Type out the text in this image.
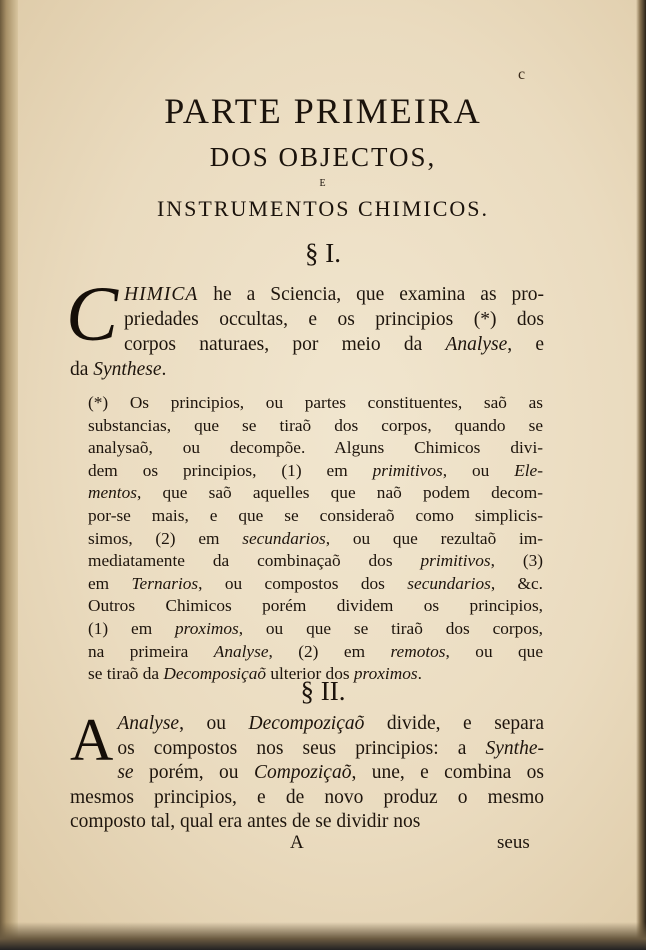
c
PARTE PRIMEIRA
DOS OBJECTOS,
E
INSTRUMENTOS CHIMICOS.
§ I.
C HIMICA he a Sciencia, que examina as pro-
priedades occultas, e os principios (*) dos
corpos naturaes, por meio da Analyse, e
da Synthese.
(*) Os principios, ou partes constituentes, saõ as
substancias, que se tiraõ dos corpos, quando se
analysaõ, ou decompõe. Alguns Chimicos divi-
dem os principios, (1) em primitivos, ou Ele-
mentos, que saõ aquelles que naõ podem decom-
por-se mais, e que se consideraõ como simplicis-
simos, (2) em secundarios, ou que rezultaõ im-
mediatamente da combinaçaõ dos primitivos, (3)
em Ternarios, ou compostos dos secundarios, &c.
Outros Chimicos porém dividem os principios,
(1) em proximos, ou que se tiraõ dos corpos,
na primeira Analyse, (2) em remotos, ou que
se tiraõ da Decomposiçaõ ulterior dos proximos.
§ II.
A Analyse, ou Decompoziçaõ divide, e separa
os compostos nos seus principios: a Synthe-
se porém, ou Compoziçaõ, une, e combina os
mesmos principios, e de novo produz o mesmo
composto tal, qual era antes de se dividir nos
A	seus
